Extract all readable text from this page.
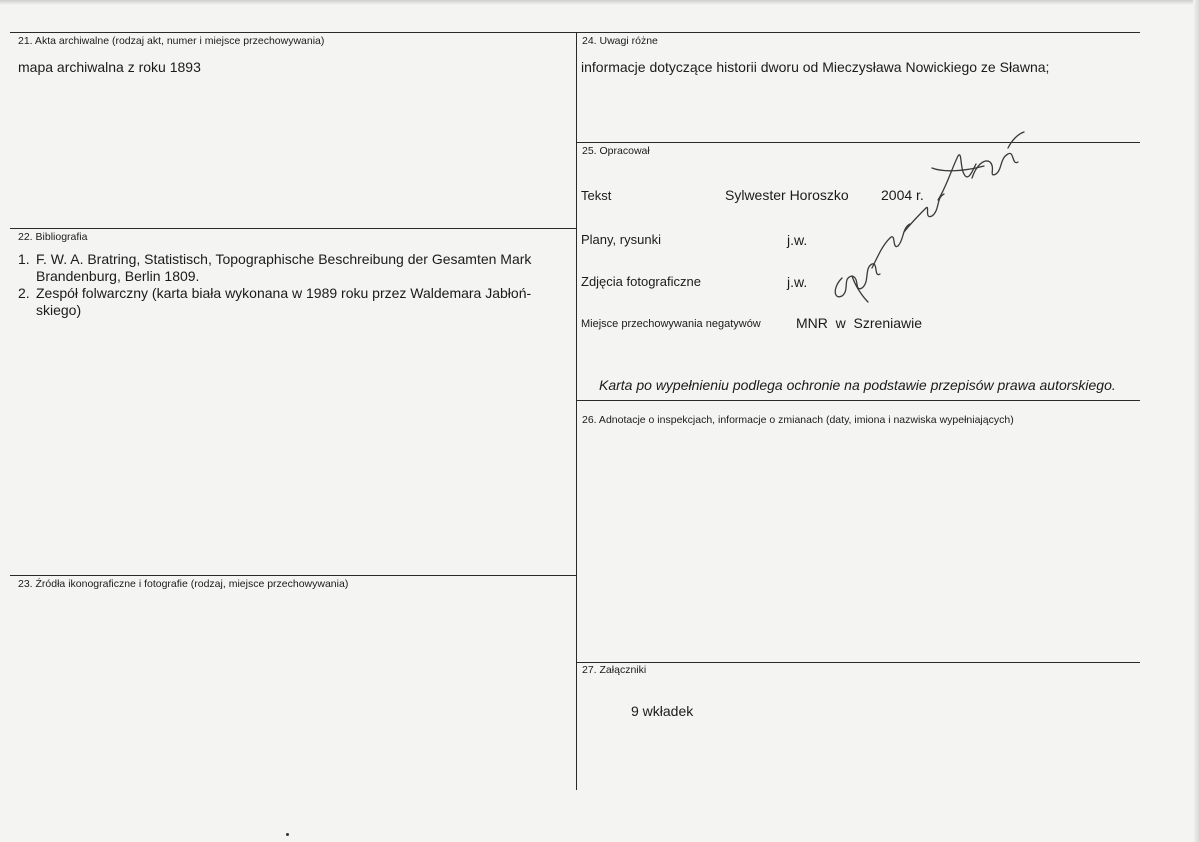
21. Akta archiwalne (rodzaj akt, numer i miejsce przechowywania)
mapa archiwalna z roku 1893
22. Bibliografia
1. F. W. A. Bratring, Statistisch, Topographische Beschreibung der Gesamten Mark Brandenburg, Berlin 1809.
2. Zespół folwarczny (karta biała wykonana w 1989 roku przez Waldemara Jabłoń-skiego)
23. Źródła ikonograficzne i fotografie (rodzaj, miejsce przechowywania)
24. Uwagi różne
informacje dotyczące historii dworu od Mieczysława Nowickiego ze Sławna;
25. Opracował
Tekst	Sylwester Horoszko 2004 r.
Plany, rysunki	j.w.
Zdjęcia fotograficzne	j.w.
Miejsce przechowywania negatywów	MNR  w  Szreniawie
Karta po wypełnieniu podlega ochronie na podstawie przepisów prawa autorskiego.
26. Adnotacje o inspekcjach, informacje o zmianach (daty, imiona i nazwiska wypełniających)
27. Załączniki
9 wkładek
